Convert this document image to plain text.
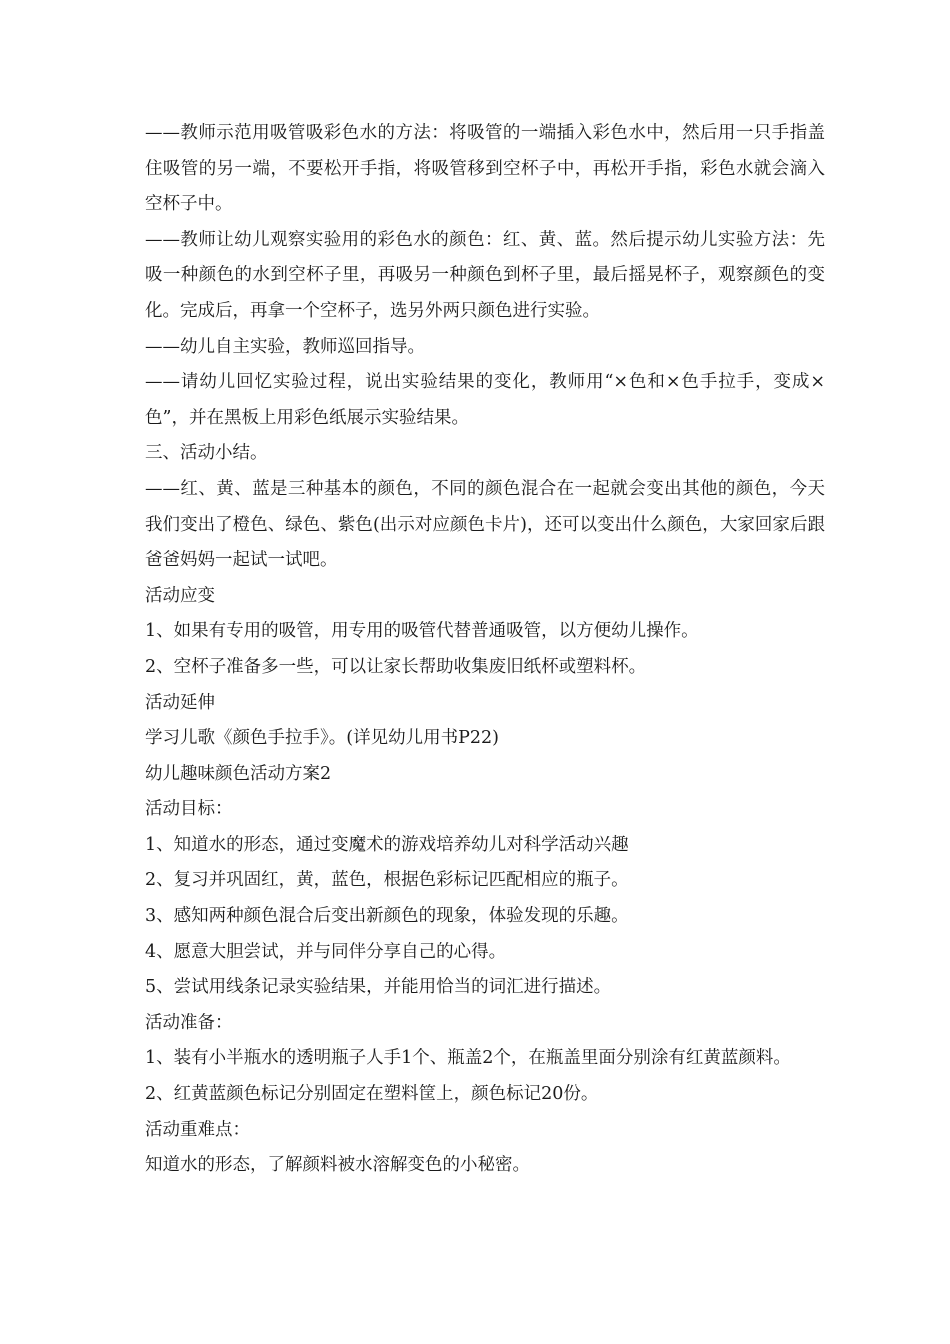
——教师示范用吸管吸彩色水的方法：将吸管的一端插入彩色水中，然后用一只手指盖住吸管的另一端，不要松开手指，将吸管移到空杯子中，再松开手指，彩色水就会滴入空杯子中。

——教师让幼儿观察实验用的彩色水的颜色：红、黄、蓝。然后提示幼儿实验方法：先吸一种颜色的水到空杯子里，再吸另一种颜色到杯子里，最后摇晃杯子，观察颜色的变化。完成后，再拿一个空杯子，选另外两只颜色进行实验。

——幼儿自主实验，教师巡回指导。

——请幼儿回忆实验过程，说出实验结果的变化，教师用“×色和×色手拉手，变成×色”，并在黑板上用彩色纸展示实验结果。

三、活动小结。

——红、黄、蓝是三种基本的颜色，不同的颜色混合在一起就会变出其他的颜色，今天我们变出了橙色、绿色、紫色(出示对应颜色卡片)，还可以变出什么颜色，大家回家后跟爸爸妈妈一起试一试吧。

活动应变

1、如果有专用的吸管，用专用的吸管代替普通吸管，以方便幼儿操作。

2、空杯子准备多一些，可以让家长帮助收集废旧纸杯或塑料杯。

活动延伸

学习儿歌《颜色手拉手》。(详见幼儿用书P22)

幼儿趣味颜色活动方案2

活动目标：

1、知道水的形态，通过变魔术的游戏培养幼儿对科学活动兴趣

2、复习并巩固红，黄，蓝色，根据色彩标记匹配相应的瓶子。

3、感知两种颜色混合后变出新颜色的现象，体验发现的乐趣。

4、愿意大胆尝试，并与同伴分享自己的心得。

5、尝试用线条记录实验结果，并能用恰当的词汇进行描述。

活动准备：

1、装有小半瓶水的透明瓶子人手1个、瓶盖2个，在瓶盖里面分别涂有红黄蓝颜料。

2、红黄蓝颜色标记分别固定在塑料筐上，颜色标记20份。

活动重难点：

知道水的形态，了解颜料被水溶解变色的小秘密。
